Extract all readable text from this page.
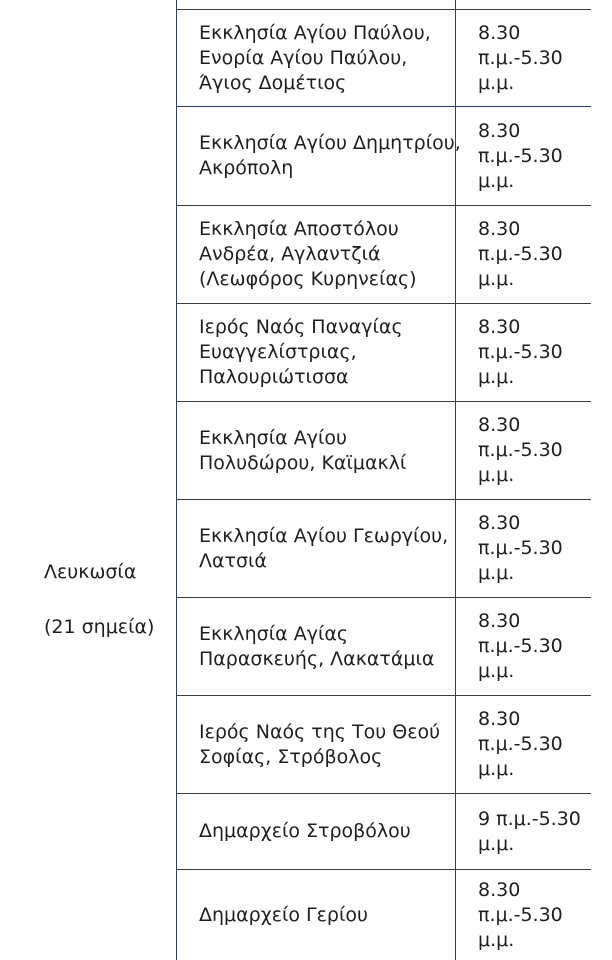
Λευκωσία
(21 σημεία)
Εκκλησία Αγίου Παύλου, Ενορία Αγίου Παύλου, Άγιος Δομέτιος
8.30 π.μ.-5.30 μ.μ.
Εκκλησία Αγίου Δημητρίου, Ακρόπολη
8.30 π.μ.-5.30 μ.μ.
Εκκλησία Αποστόλου Ανδρέα, Αγλαντζιά (Λεωφόρος Κυρηνείας)
8.30 π.μ.-5.30 μ.μ.
Ιερός Ναός Παναγίας Ευαγγελίστριας, Παλουριώτισσα
8.30 π.μ.-5.30 μ.μ.
Εκκλησία Αγίου Πολυδώρου, Καϊμακλί
8.30 π.μ.-5.30 μ.μ.
Εκκλησία Αγίου Γεωργίου, Λατσιά
8.30 π.μ.-5.30 μ.μ.
Εκκλησία Αγίας Παρασκευής, Λακατάμια
8.30 π.μ.-5.30 μ.μ.
Ιερός Ναός της Του Θεού Σοφίας, Στρόβολος
8.30 π.μ.-5.30 μ.μ.
Δημαρχείο Στροβόλου
9 π.μ.-5.30 μ.μ.
Δημαρχείο Γερίου
8.30 π.μ.-5.30 μ.μ.
